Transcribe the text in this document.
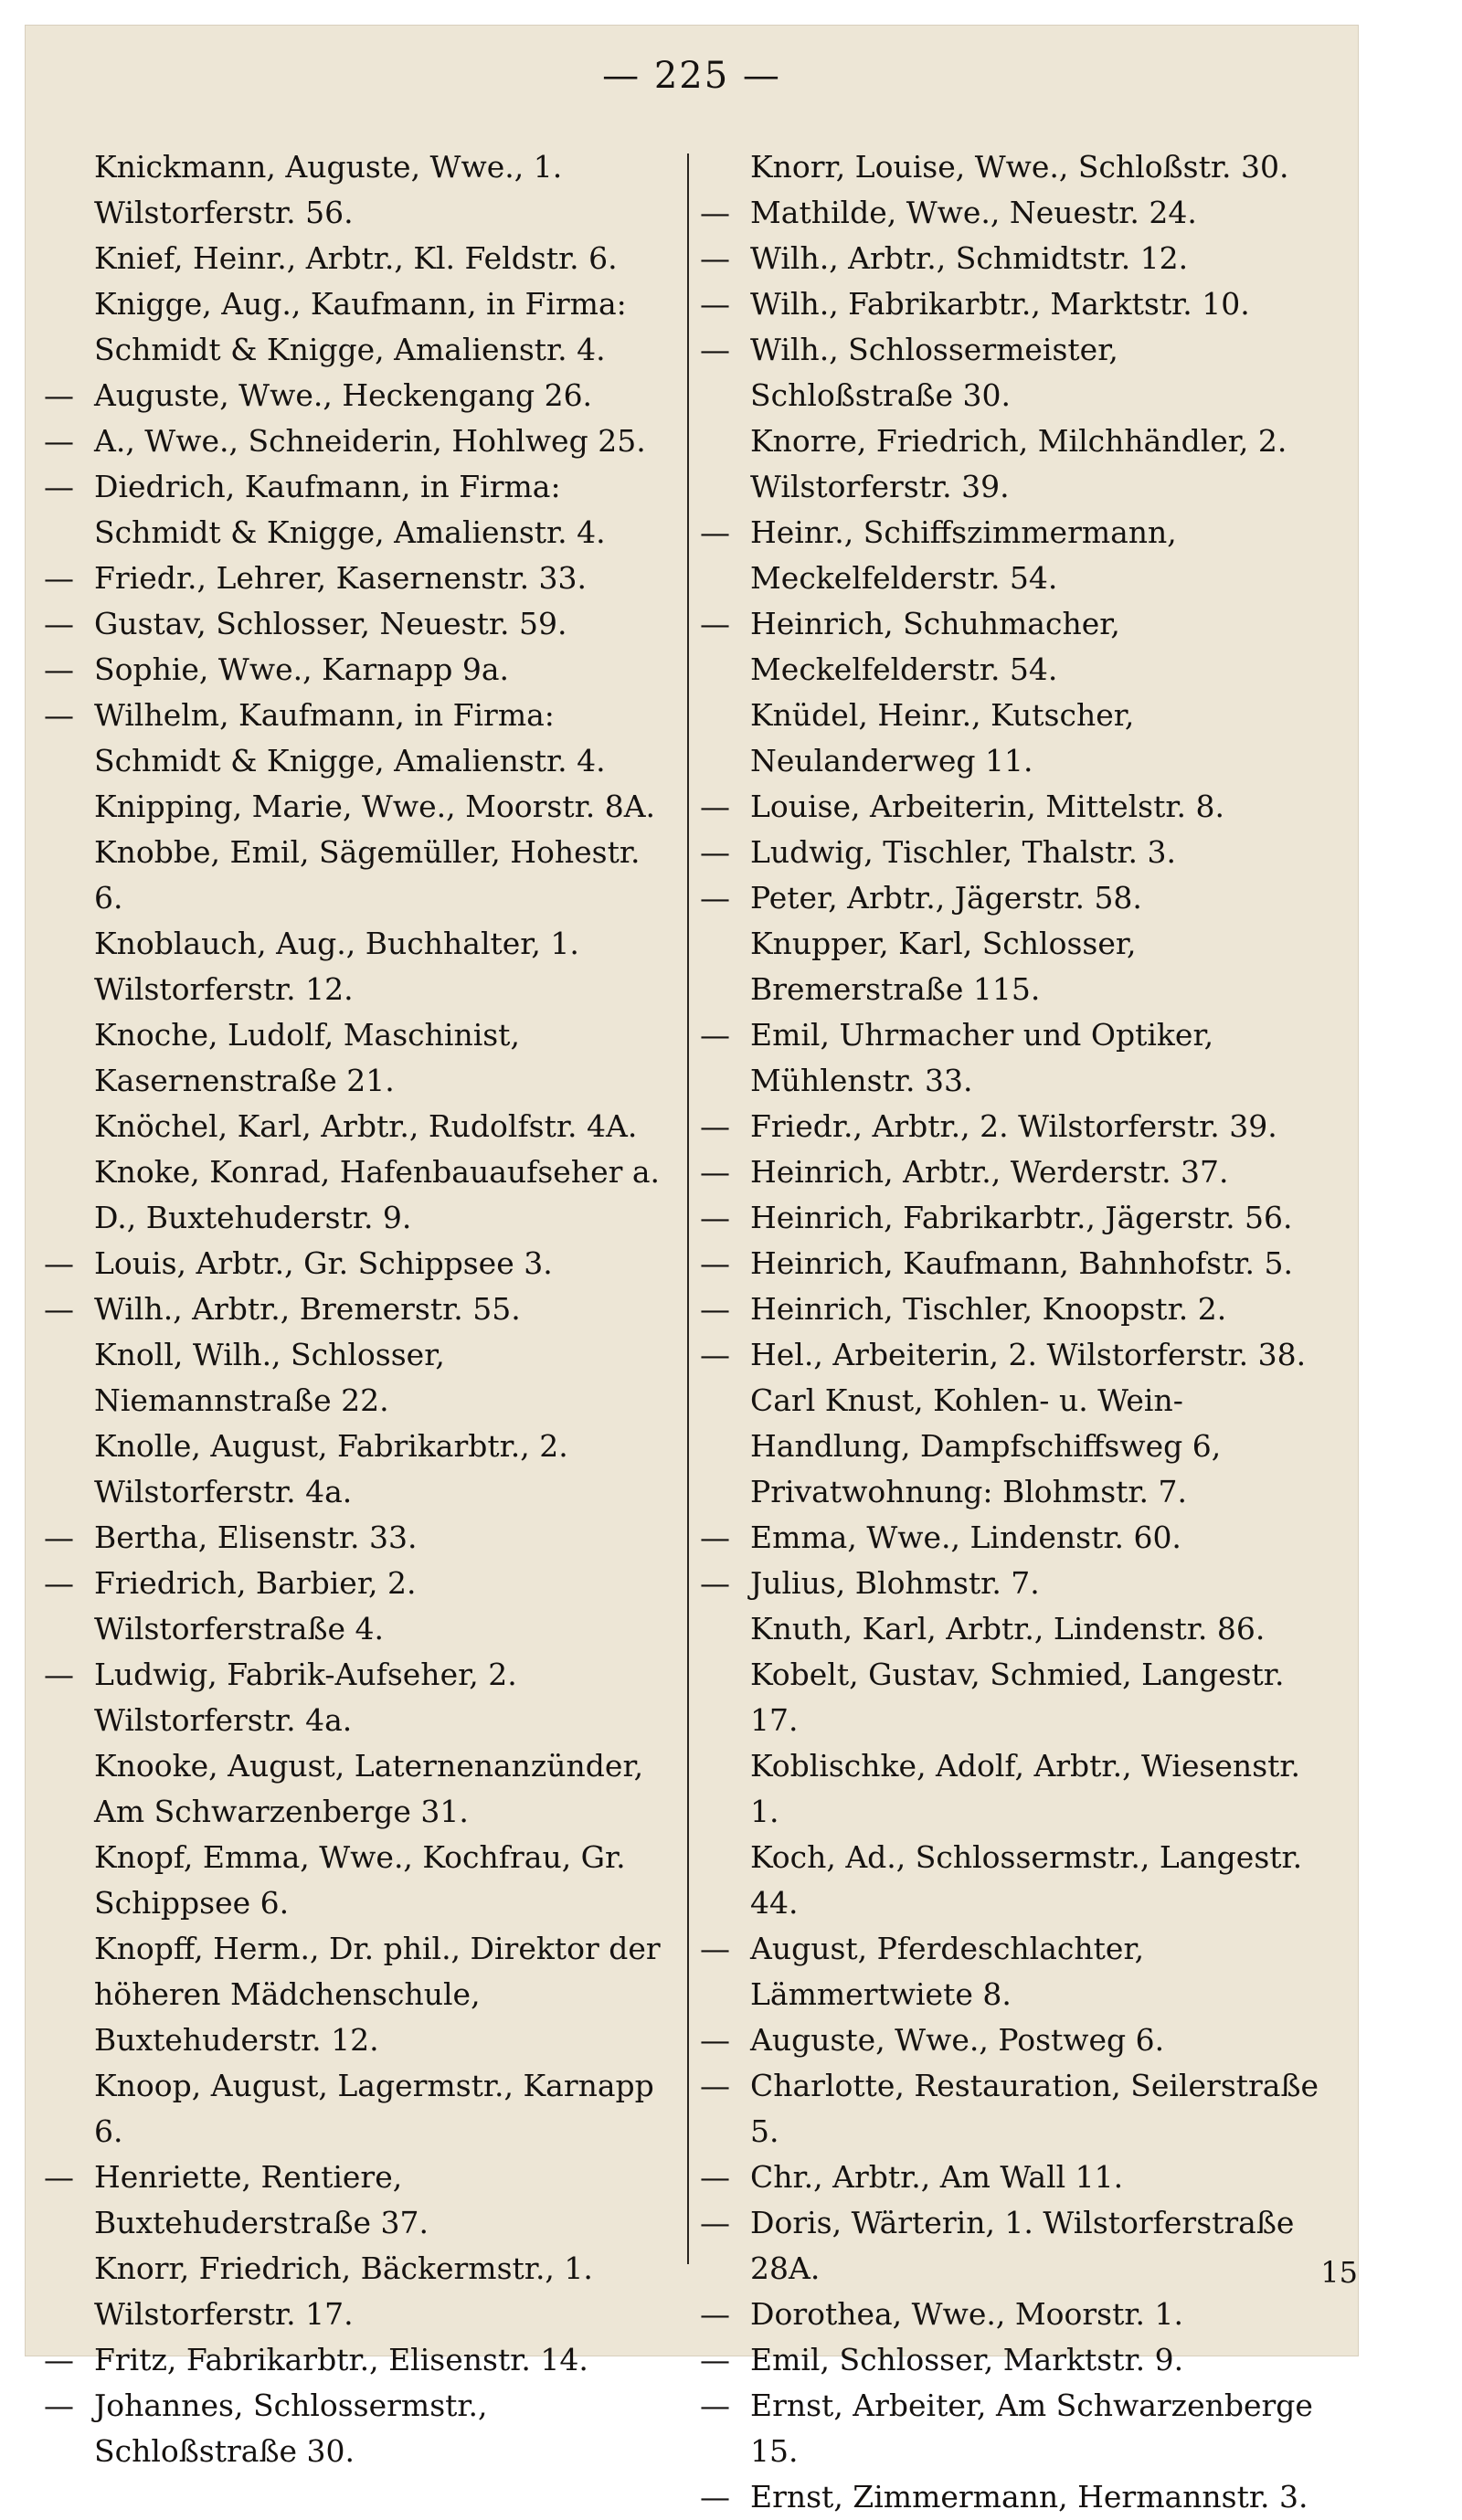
— 225 —
Knickmann, Auguste, Wwe., 1. Wilstorferstr. 56.
Knief, Heinr., Arbtr., Kl. Feldstr. 6.
Knigge, Aug., Kaufmann, in Firma: Schmidt & Knigge, Amalienstr. 4.
— Auguste, Wwe., Heckengang 26.
— A., Wwe., Schneiderin, Hohlweg 25.
— Diedrich, Kaufmann, in Firma: Schmidt & Knigge, Amalienstr. 4.
— Friedr., Lehrer, Kasernenstr. 33.
— Gustav, Schlosser, Neuestr. 59.
— Sophie, Wwe., Karnapp 9a.
— Wilhelm, Kaufmann, in Firma: Schmidt & Knigge, Amalienstr. 4.
Knipping, Marie, Wwe., Moorstr. 8A.
Knobbe, Emil, Sägemüller, Hohestr. 6.
Knoblauch, Aug., Buchhalter, 1. Wilstorferstr. 12.
Knoche, Ludolf, Maschinist, Kasernenstraße 21.
Knöchel, Karl, Arbtr., Rudolfstr. 4A.
Knoke, Konrad, Hafenbauaufseher a. D., Buxtehuderstr. 9.
— Louis, Arbtr., Gr. Schippsee 3.
— Wilh., Arbtr., Bremerstr. 55.
Knoll, Wilh., Schlosser, Niemannstraße 22.
Knolle, August, Fabrikarbtr., 2. Wilstorferstr. 4a.
— Bertha, Elisenstr. 33.
— Friedrich, Barbier, 2. Wilstorferstraße 4.
— Ludwig, Fabrik-Aufseher, 2. Wilstorferstr. 4a.
Knooke, August, Laternenanzünder, Am Schwarzenberge 31.
Knopf, Emma, Wwe., Kochfrau, Gr. Schippsee 6.
Knopff, Herm., Dr. phil., Direktor der höheren Mädchenschule, Buxtehuderstr. 12.
Knoop, August, Lagermstr., Karnapp 6.
— Henriette, Rentiere, Buxtehuderstraße 37.
Knorr, Friedrich, Bäckermstr., 1. Wilstorferstr. 17.
— Fritz, Fabrikarbtr., Elisenstr. 14.
— Johannes, Schlossermstr., Schloßstraße 30.
Knorr, Louise, Wwe., Schloßstr. 30.
— Mathilde, Wwe., Neuestr. 24.
— Wilh., Arbtr., Schmidtstr. 12.
— Wilh., Fabrikarbtr., Marktstr. 10.
— Wilh., Schlossermeister, Schloßstraße 30.
Knorre, Friedrich, Milchhändler, 2. Wilstorferstr. 39.
— Heinr., Schiffszimmermann, Meckelfelderstr. 54.
— Heinrich, Schuhmacher, Meckelfelderstr. 54.
Knüdel, Heinr., Kutscher, Neulanderweg 11.
— Louise, Arbeiterin, Mittelstr. 8.
— Ludwig, Tischler, Thalstr. 3.
— Peter, Arbtr., Jägerstr. 58.
Knupper, Karl, Schlosser, Bremerstraße 115.
— Emil, Uhrmacher und Optiker, Mühlenstr. 33.
— Friedr., Arbtr., 2. Wilstorferstr. 39.
— Heinrich, Arbtr., Werderstr. 37.
— Heinrich, Fabrikarbtr., Jägerstr. 56.
— Heinrich, Kaufmann, Bahnhofstr. 5.
— Heinrich, Tischler, Knoopstr. 2.
— Hel., Arbeiterin, 2. Wilstorferstr. 38.
Carl Knust, Kohlen- u. Wein-Handlung, Dampfschiffsweg 6, Privatwohnung: Blohmstr. 7.
— Emma, Wwe., Lindenstr. 60.
— Julius, Blohmstr. 7.
Knuth, Karl, Arbtr., Lindenstr. 86.
Kobelt, Gustav, Schmied, Langestr. 17.
Koblischke, Adolf, Arbtr., Wiesenstr. 1.
Koch, Ad., Schlossermstr., Langestr. 44.
— August, Pferdeschlachter, Lämmertwiete 8.
— Auguste, Wwe., Postweg 6.
— Charlotte, Restauration, Seilerstraße 5.
— Chr., Arbtr., Am Wall 11.
— Doris, Wärterin, 1. Wilstorferstraße 28A.
— Dorothea, Wwe., Moorstr. 1.
— Emil, Schlosser, Marktstr. 9.
— Ernst, Arbeiter, Am Schwarzenberge 15.
— Ernst, Zimmermann, Hermannstr. 3.
15
